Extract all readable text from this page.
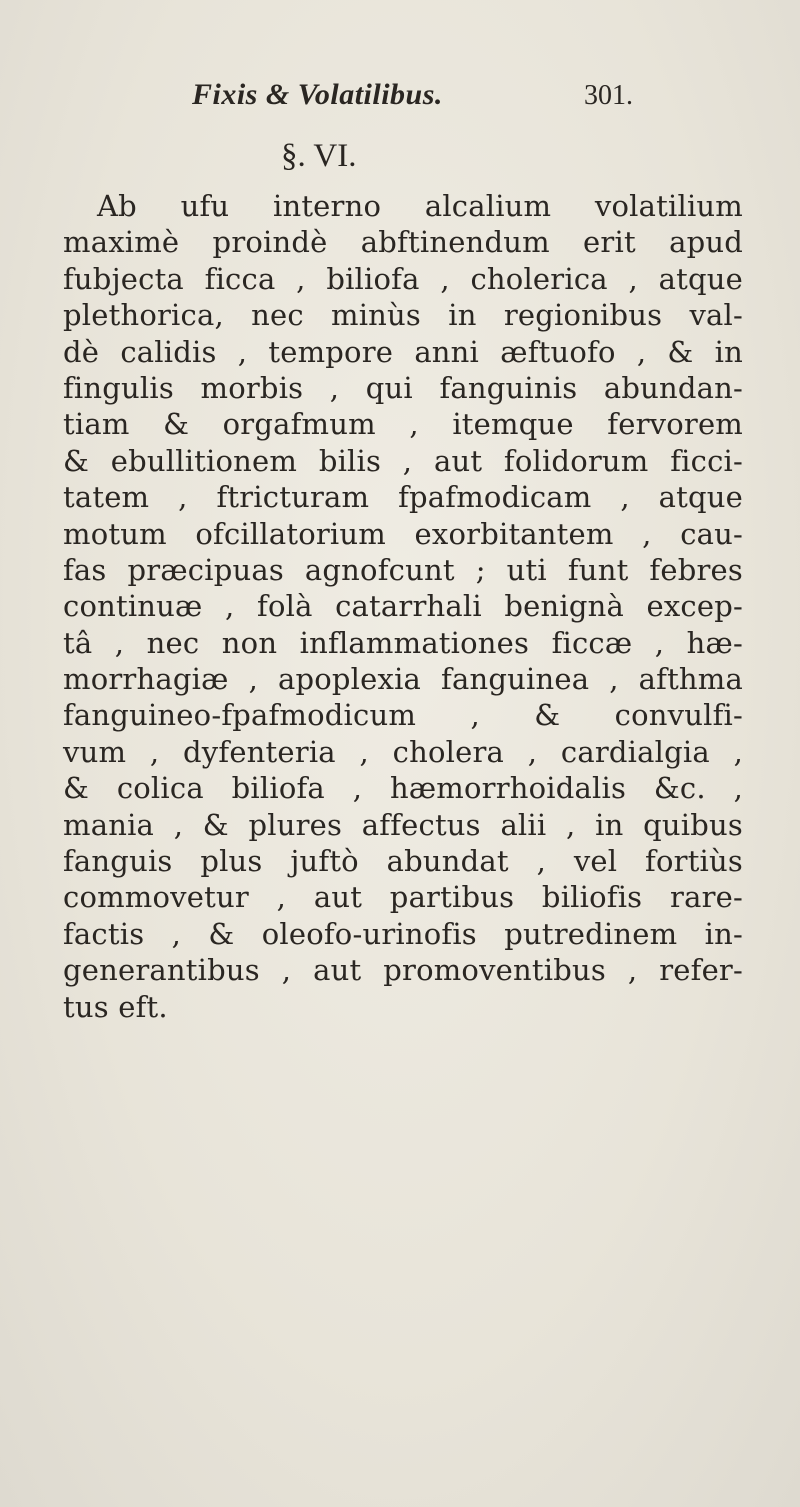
Fixis & Volatilibus.	301.
§. VI.
Ab ufu interno alcalium volatilium
maximè proindè abftinendum erit apud
fubjecta ficca , biliofa , cholerica , atque
plethorica, nec minùs in regionibus val-
dè calidis , tempore anni æftuofo , & in
fingulis morbis , qui fanguinis abundan-
tiam & orgafmum , itemque fervorem
& ebullitionem bilis , aut folidorum ficci-
tatem , ftricturam fpafmodicam , atque
motum ofcillatorium exorbitantem , cau-
fas præcipuas agnofcunt ; uti funt febres
continuæ , folà catarrhali benignà excep-
tâ , nec non inflammationes ficcæ , hæ-
morrhagiæ , apoplexia fanguinea , afthma
fanguineo-fpafmodicum , & convulfi-
vum , dyfenteria , cholera , cardialgia ,
& colica biliofa , hæmorrhoidalis &c. ,
mania , & plures affectus alii , in quibus
fanguis plus juftò abundat , vel fortiùs
commovetur , aut partibus biliofis rare-
factis , & oleofo-urinofis putredinem in-
generantibus , aut promoventibus , refer-
tus eft.
